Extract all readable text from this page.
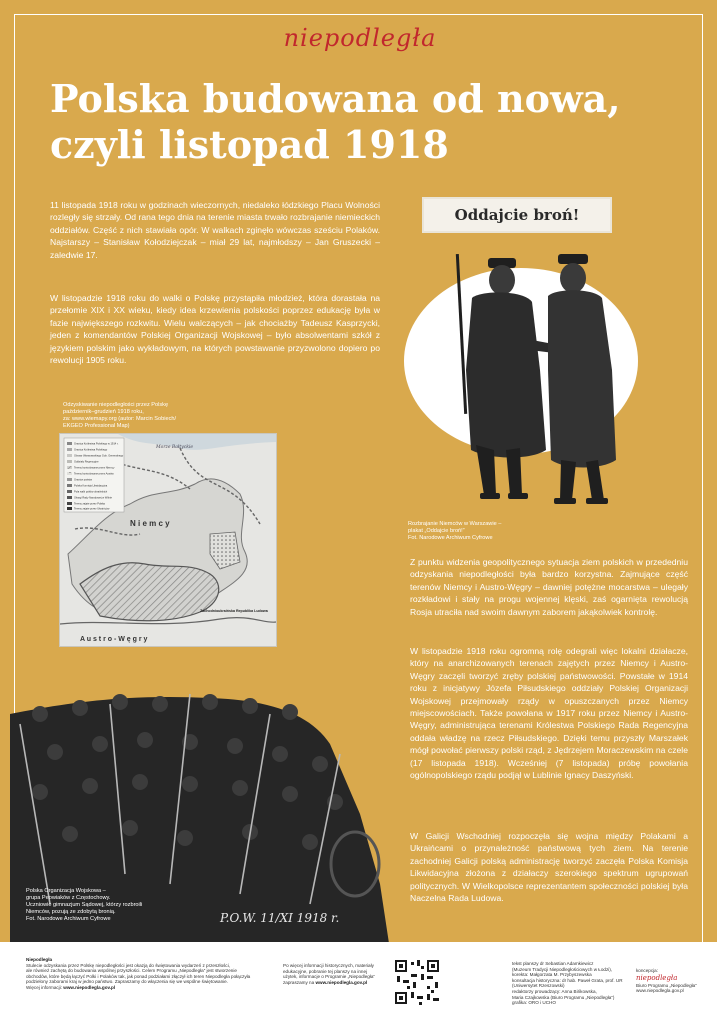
niepodległa
Polska budowana od nowa,
czyli listopad 1918

11 listopada 1918 roku w godzinach wieczornych, niedaleko łódzkiego Placu Wolności rozległy się strzały. Od rana tego dnia na terenie miasta trwało rozbrajanie niemieckich oddziałów. Część z nich stawiała opór. W walkach zginęło wówczas sześciu Polaków. Najstarszy – Stanisław Kołodziejczak – miał 29 lat, najmłodszy – Jan Gruszecki – zaledwie 17.

W listopadzie 1918 roku do walki o Polskę przystąpiła młodzież, która dorastała na przełomie XIX i XX wieku, kiedy idea krzewienia polskości poprzez edukację była w fazie największego rozkwitu. Wielu walczących – jak chociażby Tadeusz Kasprzycki, jeden z komendantów Polskiej Organizacji Wojskowej – było absolwentami szkół z językiem polskim jako wykładowym, na których powstawanie przyzwolono dopiero po rewolucji 1905 roku.

Odzyskiwanie niepodległości przez Polskę
październik–grudzień 1918 roku,
za: www.wiemapy.org (autor: Marcin Sobiech/
EKGEO Professional Map)
Granica Królestwa Polskiego w 1914 r.
Granica Królestwa Polskiego
Obszar Warszawskiego Gub. Generalnego
Oddziały Regencyjne
Tereny kontrolowane przez Niemcy
Tereny kontrolowane przez Austrię
Granice państw
Polska Komisja Likwidacyjna
Pola walk polsko-ukraińskich
Okręgi Rady Narodowej w Wilnie
Tereny zajęte przez Polskę
Tereny zajęte przez Ukraińców
Morze Bałtyckie
N i e m c y
A u s t r o - W ę g r y
Zachodnioukraińska Republika Ludowa
Oddajcie broń!
Rozbrajanie Niemców w Warszawie –
plakat „Oddajcie broń!”
Fot. Narodowe Archiwum Cyfrowe

Z punktu widzenia geopolitycznego sytuacja ziem polskich w przededniu odzyskania niepodległości była bardzo korzystna. Zajmujące część terenów Niemcy i Austro-Węgry – dawniej potężne mocarstwa – ulegały rozkładowi i stały na progu wojennej klęski, zaś ogarnięta rewolucją Rosja utraciła nad swoim dawnym zaborem jakąkolwiek kontrolę.

W listopadzie 1918 roku ogromną rolę odegrali więc lokalni działacze, który na anarchizowanych terenach zajętych przez Niemcy i Austro-Węgry zaczęli tworzyć zręby polskiej państwowości. Powstałe w 1914 roku z inicjatywy Józefa Piłsudskiego oddziały Polskiej Organizacji Wojskowej przejmowały rządy w opuszczanych przez Niemcy miejscowościach. Także powołana w 1917 roku przez Niemcy i Austro-Węgry, administrująca terenami Królestwa Polskiego Rada Regencyjna oddała władzę na rzecz Piłsudskiego. Dzięki temu przyszły Marszałek mógł powołać pierwszy polski rząd, z Jędrzejem Moraczewskim na czele (17 listopada 1918). Wcześniej (7 listopada) próbę powołania ogólnopolskiego rządu podjął w Lublinie Ignacy Daszyński.

W Galicji Wschodniej rozpoczęła się wojna między Polakami a Ukraińcami o przynależność państwową tych ziem. Na terenie zachodniej Galicji polską administrację tworzyć zaczęła Polska Komisja Likwidacyjna złożona z działaczy szerokiego spektrum ugrupowań politycznych. W Wielkopolsce reprezentantem społeczności polskiej była Naczelna Rada Ludowa.

P.O.W. 11/XI 1918 r.
Polska Organizacja Wojskowa –
grupa Peowiaków z Częstochowy.
Uczniowie gimnazjum Sądowej, którzy rozbroili
Niemców, pozują ze zdobytą bronią.
Fot. Narodowe Archiwum Cyfrowe
Niepodległa
Stulecie odzyskania przez Polskę niepodległości jest okazją do świętowania wydarzeń z przeszłości,
ale również zachętą do budowania wspólnej przyszłości. Celem Programu „Niepodległa” jest stworzenie
obchodów, które będą łączyć Polki i Polaków tak, jak ponad podziałami złączył ich teren Niepodległa połączyła
podzielony zaborami kraj w jedno państwo. Zapraszamy do włączenia się we wspólne świętowanie.
Więcej informacji: www.niepodlegla.gov.pl
Po więcej informacji historycznych, materiały
edukacyjne, pobranie tej planszy na innej
użytek, informacje o Programie „Niepodległa”
zapraszamy na www.niepodlegla.gov.pl
tekst planszy dr Sebastian Adamkiewicz
(Muzeum Tradycji Niepodległościowych w Łodzi),
korekta: Małgorzata M. Przybyszewska
konsultacja historyczna: dr hab. Paweł Grata, prof. UR
(Uniwersytet Rzeszowski)
redaktorzy prowadzący: Anna Bińkowska,
Maria Czajkowska (Biuro Programu „Niepodległa”)
grafika: ORO i UCHO
koncepcja:
niepodległa
Biuro Programu „Niepodległa”
www.niepodlegla.gov.pl
